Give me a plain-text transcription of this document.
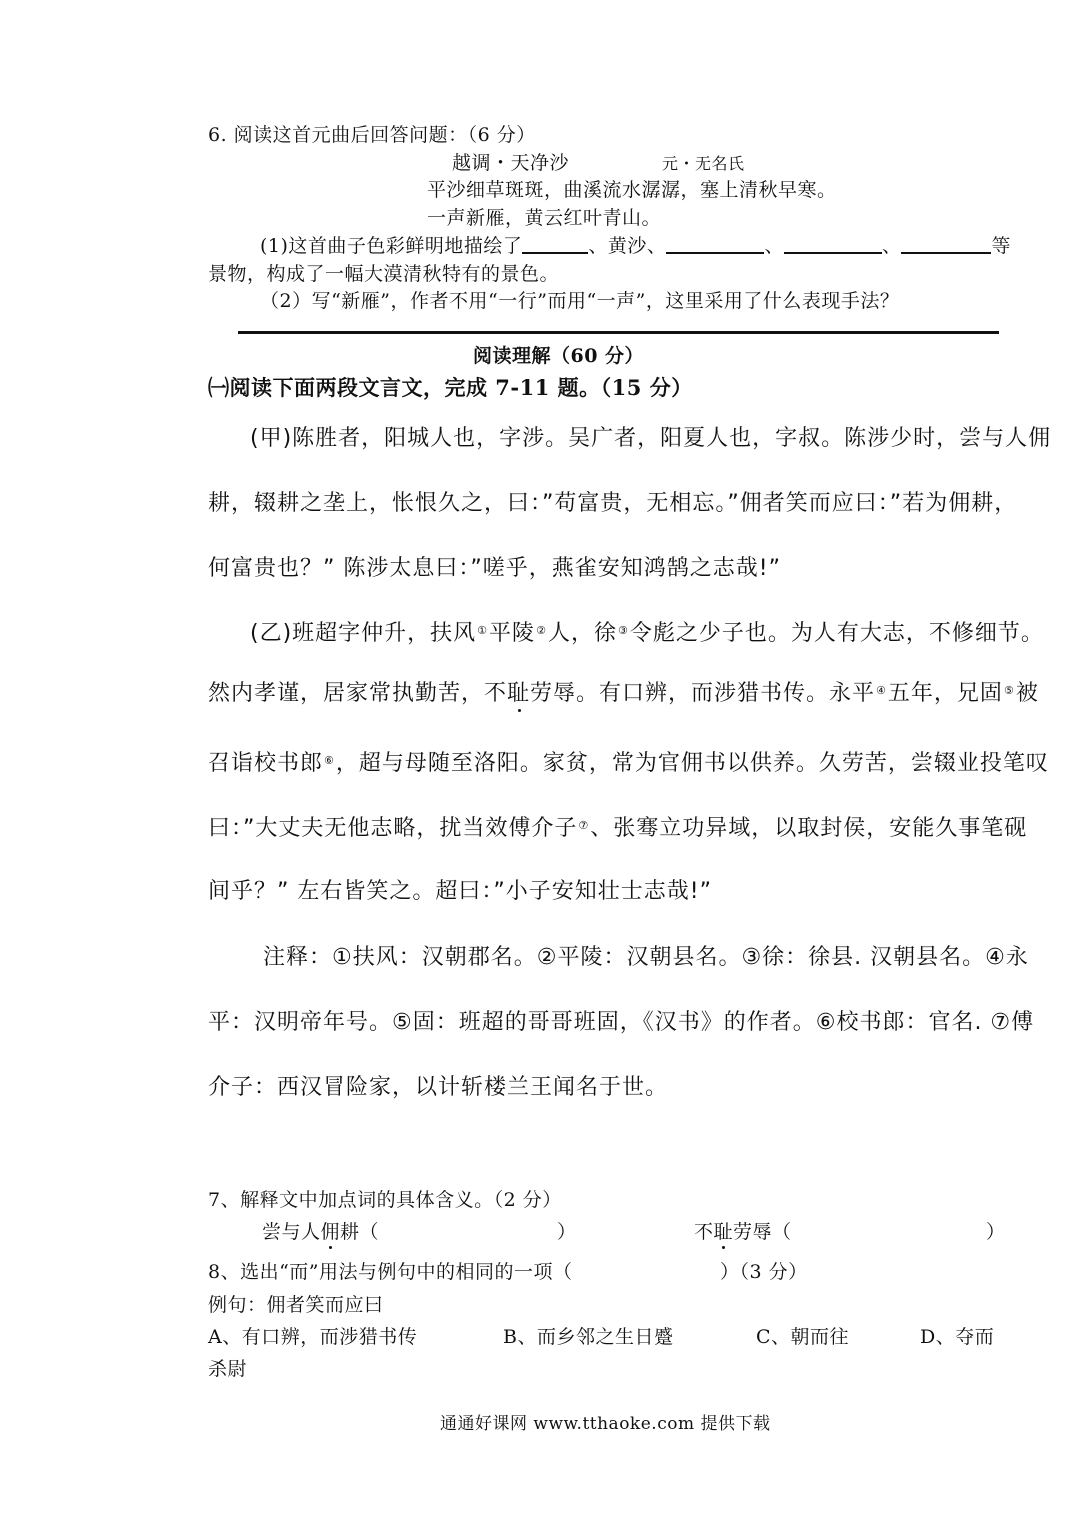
6. 阅读这首元曲后回答问题：（6 分）
越调・天净沙	元・无名氏
平沙细草斑斑，曲溪流水潺潺，塞上清秋早寒。
一声新雁，黄云红叶青山。
(1)这首曲子色彩鲜明地描绘了	、黄沙、	、	、	等
景物，构成了一幅大漠清秋特有的景色。
（2）写“新雁”，作者不用“一行”而用“一声”，这里采用了什么表现手法？
阅读理解（60 分）
㈠阅读下面两段文言文，完成 7-11 题。（15 分）
(甲)陈胜者，阳城人也，字涉。吴广者，阳夏人也，字叔。陈涉少时，尝与人佣
耕，辍耕之垄上，怅恨久之，曰：”苟富贵，无相忘。”佣者笑而应曰：”若为佣耕，
何富贵也？” 陈涉太息曰：”嗟乎，燕雀安知鸿鹄之志哉!”
(乙)班超字仲升，扶风①平陵②人，徐③令彪之少子也。为人有大志，不修细节。
然内孝谨，居家常执勤苦，不耻劳辱。有口辨，而涉猎书传。永平④五年，兄固⑤被
召诣校书郎⑥，超与母随至洛阳。家贫，常为官佣书以供养。久劳苦，尝辍业投笔叹
曰：”大丈夫无他志略，扰当效傅介子⑦、张骞立功异域，以取封侯，安能久事笔砚
间乎？” 左右皆笑之。超曰：”小子安知壮士志哉!”
注释：①扶风：汉朝郡名。②平陵：汉朝县名。③徐：徐县. 汉朝县名。④永
平：汉明帝年号。⑤固：班超的哥哥班固，《汉书》的作者。⑥校书郎：官名. ⑦傅
介子：西汉冒险家，以计斩楼兰王闻名于世。
7、解释文中加点词的具体含义。（2 分）
尝与人佣耕（	）	不耻劳辱（	）
8、选出“而”用法与例句中的相同的一项（	）（3 分）
例句：佣者笑而应曰
A、有口辨，而涉猎书传	B、而乡邻之生日蹙	C、朝而往	D、夺而
杀尉
通通好课网 www.tthaoke.com 提供下载
